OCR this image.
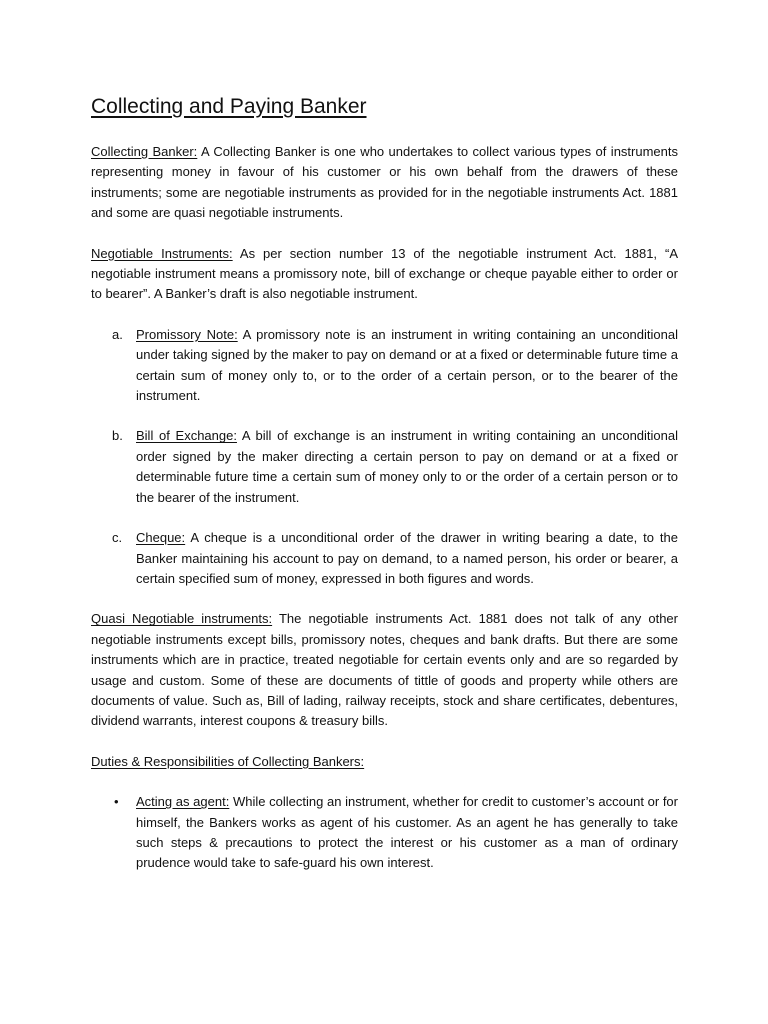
Collecting and Paying Banker

Collecting Banker: A Collecting Banker is one who undertakes to collect various types of instruments representing money in favour of his customer or his own behalf from the drawers of these instruments; some are negotiable instruments as provided for in the negotiable instruments Act. 1881 and some are quasi negotiable instruments.

Negotiable Instruments: As per section number 13 of the negotiable instrument Act. 1881, “A negotiable instrument means a promissory note, bill of exchange or cheque payable either to order or to bearer”. A Banker’s draft is also negotiable instrument.

a. Promissory Note: A promissory note is an instrument in writing containing an unconditional under taking signed by the maker to pay on demand or at a fixed or determinable future time a certain sum of money only to, or to the order of a certain person, or to the bearer of the instrument.
b. Bill of Exchange: A bill of exchange is an instrument in writing containing an unconditional order signed by the maker directing a certain person to pay on demand or at a fixed or determinable future time a certain sum of money only to or the order of a certain person or to the bearer of the instrument.
c. Cheque: A cheque is a unconditional order of the drawer in writing bearing a date, to the Banker maintaining his account to pay on demand, to a named person, his order or bearer, a certain specified sum of money, expressed in both figures and words.

Quasi Negotiable instruments: The negotiable instruments Act. 1881 does not talk of any other negotiable instruments except bills, promissory notes, cheques and bank drafts. But there are some instruments which are in practice, treated negotiable for certain events only and are so regarded by usage and custom. Some of these are documents of tittle of goods and property while others are documents of value. Such as, Bill of lading, railway receipts, stock and share certificates, debentures, dividend warrants, interest coupons & treasury bills.

Duties & Responsibilities of Collecting Bankers:

• Acting as agent: While collecting an instrument, whether for credit to customer’s account or for himself, the Bankers works as agent of his customer. As an agent he has generally to take such steps & precautions to protect the interest or his customer as a man of ordinary prudence would take to safe-guard his own interest.
